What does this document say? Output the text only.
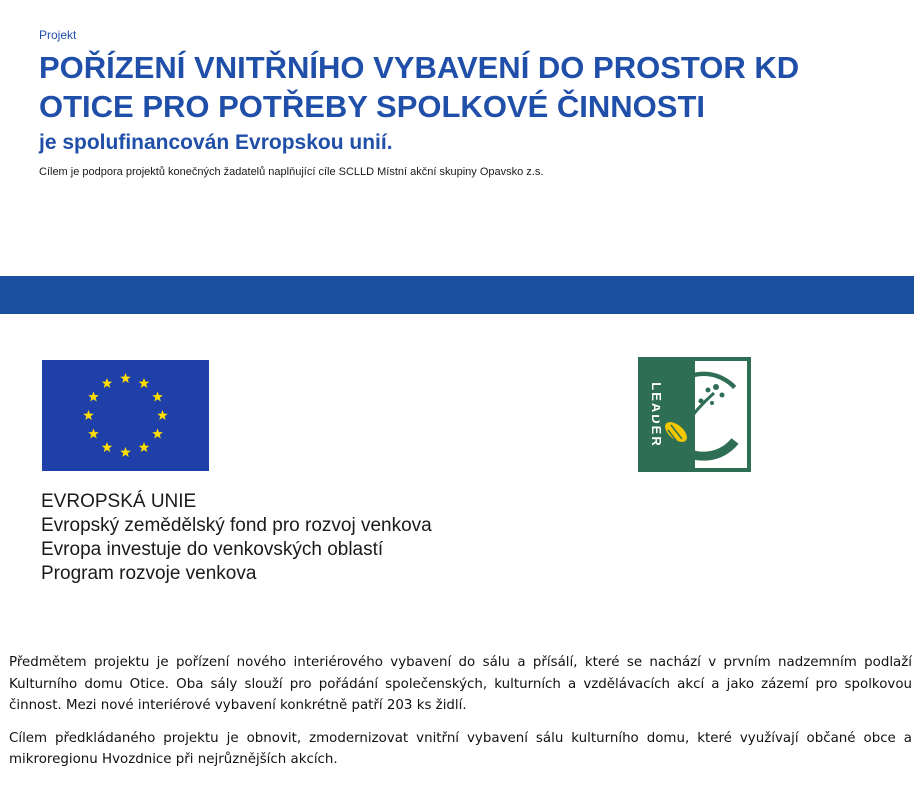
Projekt
POŘÍZENÍ VNITŘNÍHO VYBAVENÍ DO PROSTOR KD OTICE PRO POTŘEBY SPOLKOVÉ ČINNOSTI
je spolufinancován Evropskou unií.
Cílem je podpora projektů konečných žadatelů naplňující cíle SCLLD Místní akční skupiny Opavsko z.s.
EVROPSKÁ UNIE
Evropský zemědělský fond pro rozvoj venkova
Evropa investuje do venkovských oblastí
Program rozvoje venkova
LEADER

Předmětem projektu je pořízení nového interiérového vybavení do sálu a přísálí, které se nachází v prvním nadzemním podlaží Kulturního domu Otice. Oba sály slouží pro pořádání společenských, kulturních a vzdělávacích akcí a jako zázemí pro spolkovou činnost. Mezi nové interiérové vybavení konkrétně patří 203 ks židlí.

Cílem předkládaného projektu je obnovit, zmodernizovat vnitřní vybavení sálu kulturního domu, které využívají občané obce a mikroregionu Hvozdnice při nejrůznějších akcích.
